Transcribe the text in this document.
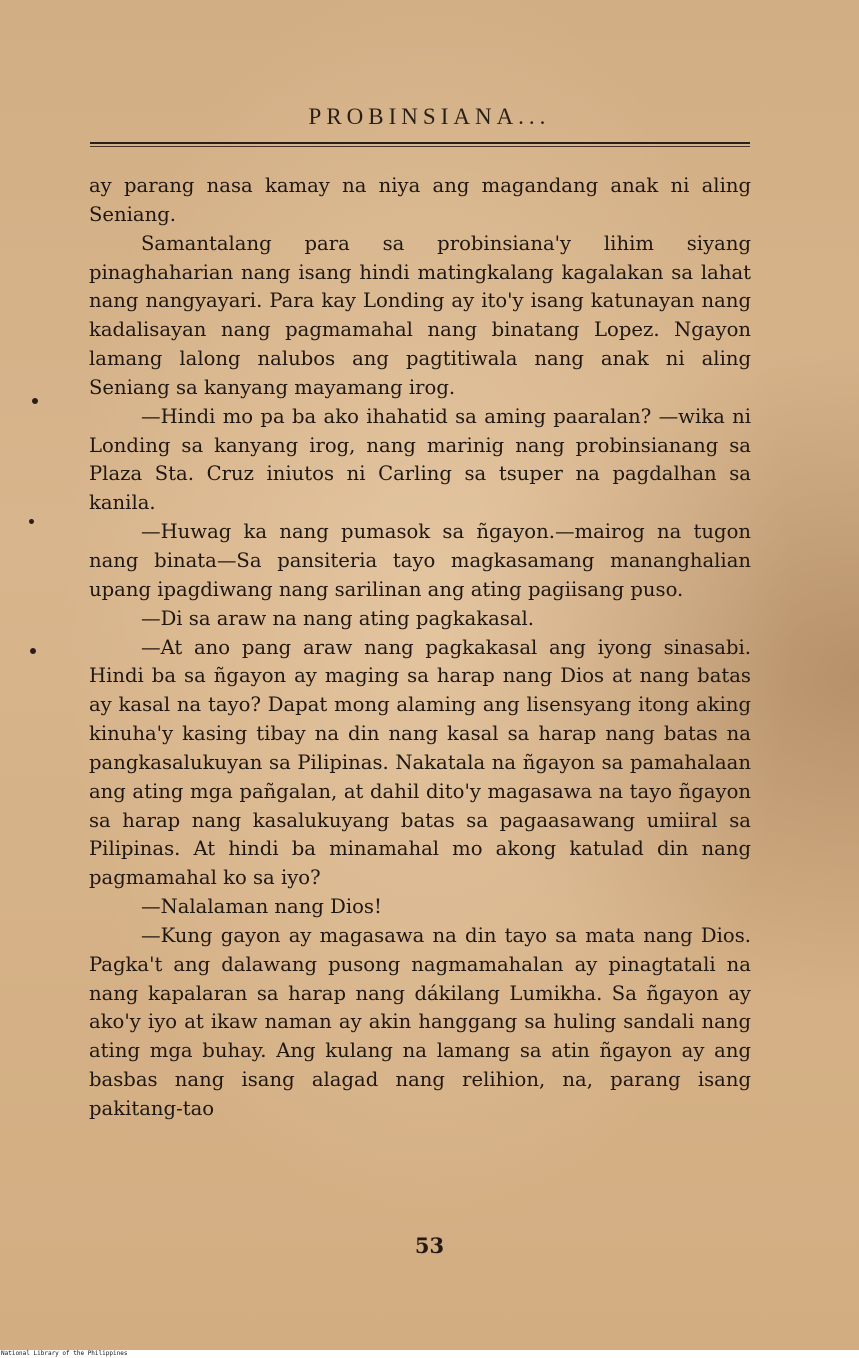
PROBINSIANA...

ay parang nasa kamay na niya ang magandang anak ni aling Seniang.

Samantalang para sa probinsiana'y lihim siyang pinaghaharian nang isang hindi matingkalang kagalakan sa lahat nang nangyayari. Para kay Londing ay ito'y isang katunayan nang kadalisayan nang pagmamahal nang binatang Lopez. Ngayon lamang lalong nalubos ang pagtitiwala nang anak ni aling Seniang sa kanyang mayamang irog.

—Hindi mo pa ba ako ihahatid sa aming paaralan? —wika ni Londing sa kanyang irog, nang marinig nang probinsianang sa Plaza Sta. Cruz iniutos ni Carling sa tsuper na pagdalhan sa kanila.

—Huwag ka nang pumasok sa ñgayon.—mairog na tugon nang binata—Sa pansiteria tayo magkasamang mananghalian upang ipagdiwang nang sarilinan ang ating pagiisang puso.

—Di sa araw na nang ating pagkakasal.

—At ano pang araw nang pagkakasal ang iyong sinasabi. Hindi ba sa ñgayon ay maging sa harap nang Dios at nang batas ay kasal na tayo? Dapat mong alaming ang lisensyang itong aking kinuha'y kasing tibay na din nang kasal sa harap nang batas na pangkasalukuyan sa Pilipinas. Nakatala na ñgayon sa pamahalaan ang ating mga pañgalan, at dahil dito'y magasawa na tayo ñgayon sa harap nang kasalukuyang batas sa pagaasawang umiiral sa Pilipinas. At hindi ba minamahal mo akong katulad din nang pagmamahal ko sa iyo?

—Nalalaman nang Dios!

—Kung gayon ay magasawa na din tayo sa mata nang Dios. Pagka't ang dalawang pusong nagmamahalan ay pinagtatali na nang kapalaran sa harap nang dákilang Lumikha. Sa ñgayon ay ako'y iyo at ikaw naman ay akin hanggang sa huling sandali nang ating mga buhay. Ang kulang na lamang sa atin ñgayon ay ang basbas nang isang alagad nang relihion, na, parang isang pakitang-tao

53
National Library of the Philippines
